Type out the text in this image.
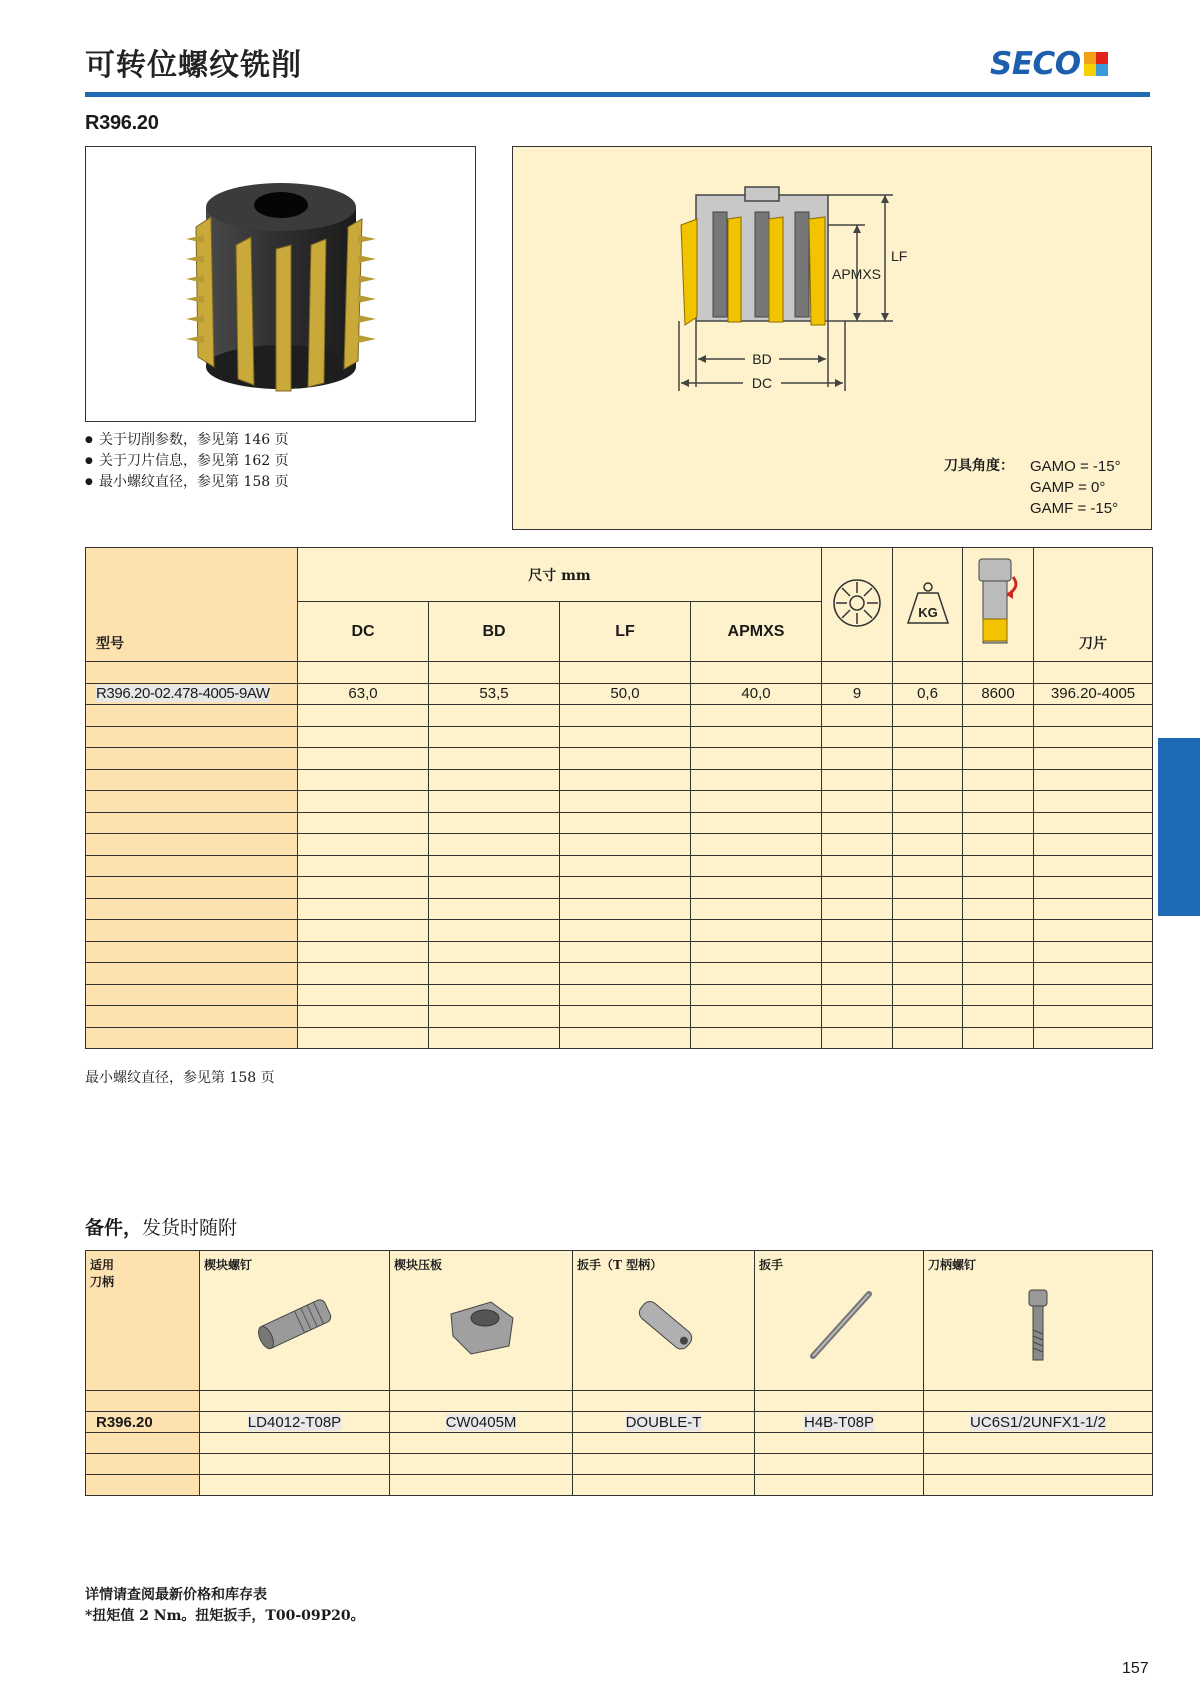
可转位螺纹铣削	SECO
R396.20
● 关于切削参数，参见第 146 页
● 关于刀片信息，参见第 162 页
● 最小螺纹直径，参见第 158 页
BD
DC
LF
APMXS
刀具角度： GAMO = -15°
GAMP = 0°
GAMF = -15°
型号	尺寸 mm					KG		刀片
	DC	BD	LF	APMXS				

R396.20-02.478-4005-9AW	63,0	53,5	50,0	40,0	9	0,6	8600	396.20-4005

最小螺纹直径，参见第 158 页
备件，发货时随附
适用
刀柄	楔块螺钉	楔块压板	扳手（T 型柄）	扳手	刀柄螺钉

R396.20	LD4012-T08P	CW0405M	DOUBLE-T	H4B-T08P	UC6S1/2UNFX1-1/2

详情请查阅最新价格和库存表
*扭矩值 2 Nm。扭矩扳手，T00-09P20。
157
